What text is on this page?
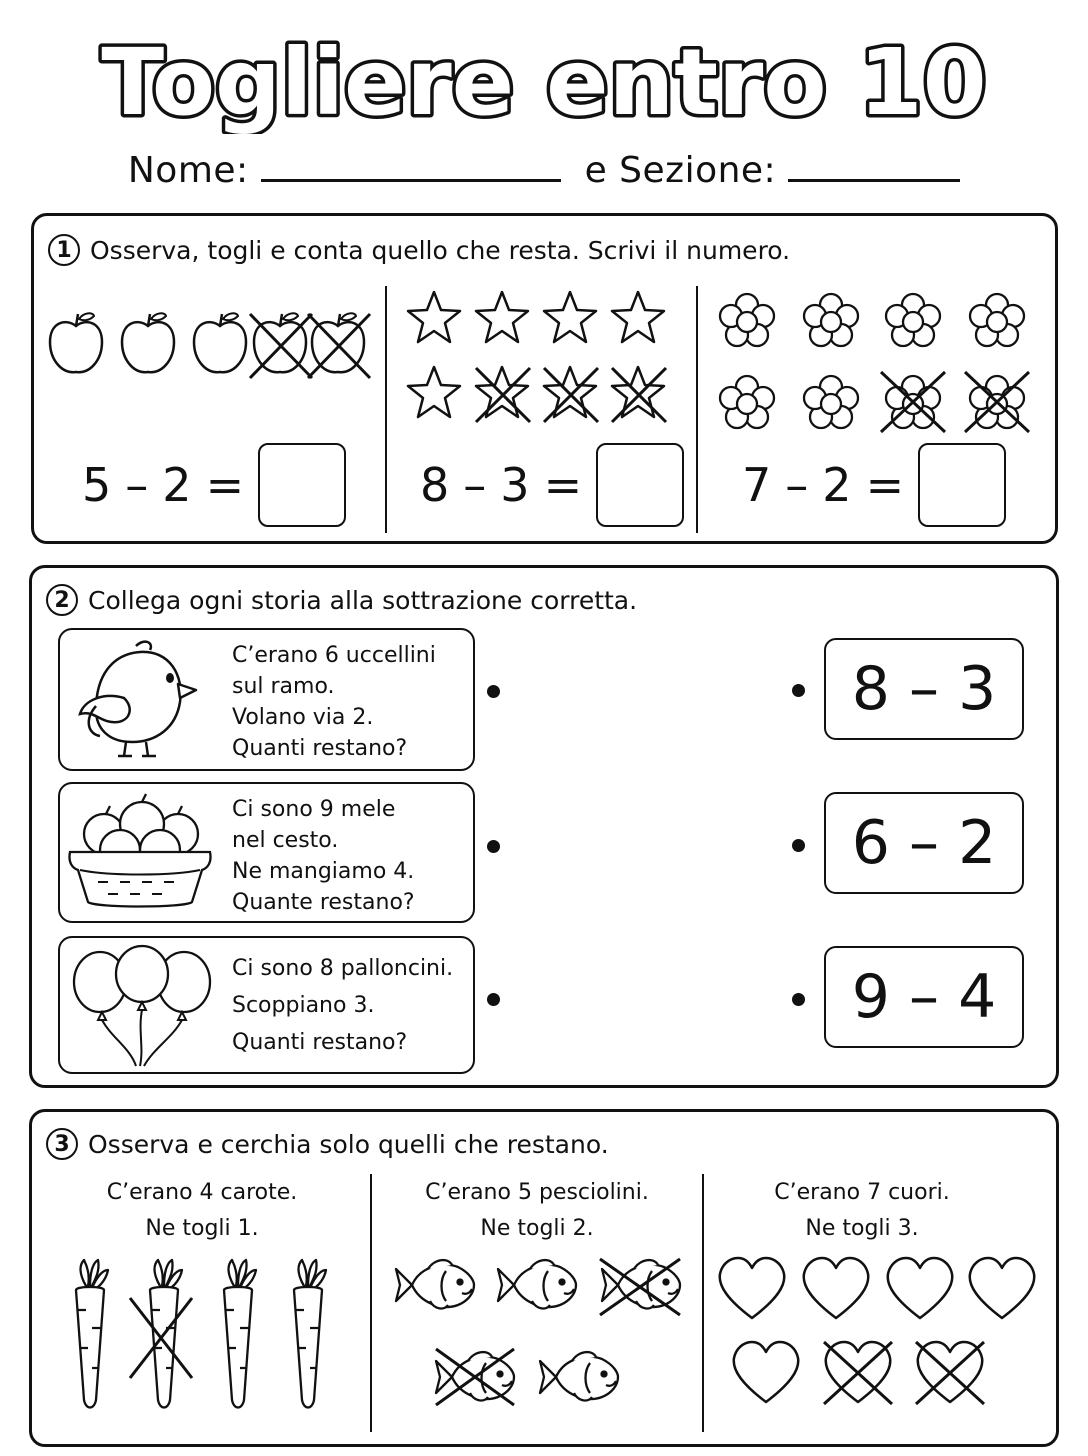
Togliere entro 10
Nome:	e Sezione:
1 Osserva, togli e conta quello che resta. Scrivi il numero.
5 – 2 =	8 – 3 =	7 – 2 =
2 Collega ogni storia alla sottrazione corretta.
C’erano 6 uccellini
sul ramo.
Volano via 2.
Quanti restano?
Ci sono 9 mele
nel cesto.
Ne mangiamo 4.
Quante restano?
Ci sono 8 palloncini.
Scoppiano 3.
Quanti restano?
8 – 3
6 – 2
9 – 4
3 Osserva e cerchia solo quelli che restano.
C’erano 4 carote.
Ne togli 1.
C’erano 5 pesciolini.
Ne togli 2.
C’erano 7 cuori.
Ne togli 3.
